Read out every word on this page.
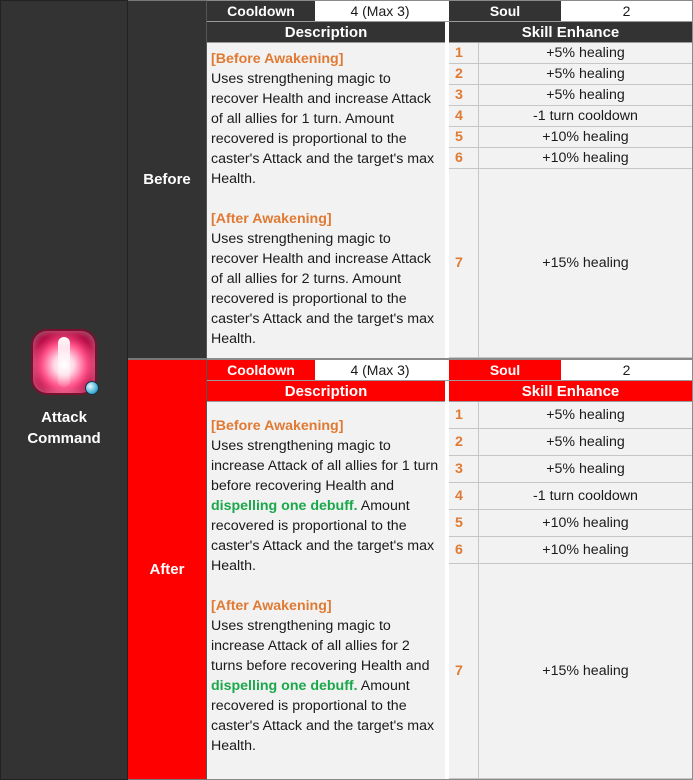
Attack
Command
Before
Cooldown	4 (Max 3)	Soul	2
Description
[Before Awakening]
Uses strengthening magic to recover Health and increase Attack of all allies for 1 turn. Amount recovered is proportional to the caster's Attack and the target's max Health.
[After Awakening]
Uses strengthening magic to recover Health and increase Attack of all allies for 2 turns. Amount recovered is proportional to the caster's Attack and the target's max Health.
Skill Enhance
1	+5% healing
2	+5% healing
3	+5% healing
4	-1 turn cooldown
5	+10% healing
6	+10% healing
7	+15% healing
After
Cooldown	4 (Max 3)	Soul	2
Description
[Before Awakening]
Uses strengthening magic to increase Attack of all allies for 1 turn before recovering Health and dispelling one debuff. Amount recovered is proportional to the caster's Attack and the target's max Health.
[After Awakening]
Uses strengthening magic to increase Attack of all allies for 2 turns before recovering Health and dispelling one debuff. Amount recovered is proportional to the caster's Attack and the target's max Health.
Skill Enhance
1	+5% healing
2	+5% healing
3	+5% healing
4	-1 turn cooldown
5	+10% healing
6	+10% healing
7	+15% healing
